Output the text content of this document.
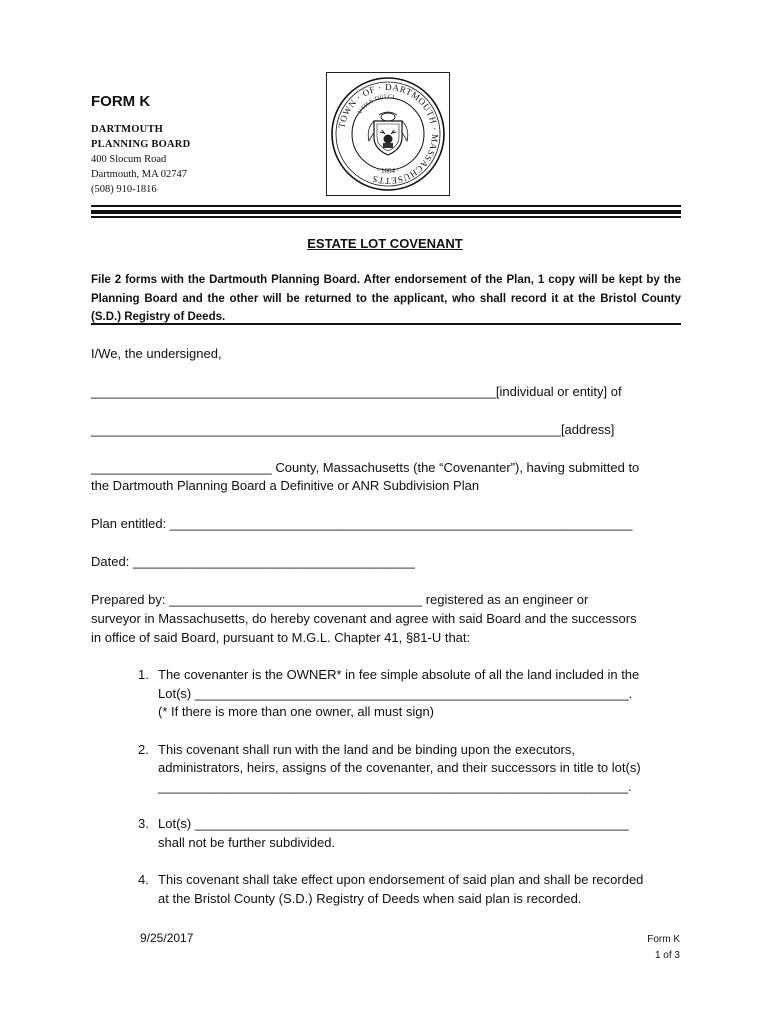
FORM K
DARTMOUTH
PLANNING BOARD
400 Slocum Road
Dartmouth, MA 02747
(508) 910-1816
TOWN · OF · DARTMOUTH · MASSACHUSETTS
UTILE DULCI
· 1664 ·
ESTATE LOT COVENANT
File 2 forms with the Dartmouth Planning Board. After endorsement of the Plan, 1 copy will be kept by the Planning Board and the other will be returned to the applicant, who shall record it at the Bristol County (S.D.) Registry of Deeds.
I/We, the undersigned,
________________________________________________________[individual or entity] of
_________________________________________________________________[address]
_________________________ County, Massachusetts (the “Covenanter”), having submitted to
the Dartmouth Planning Board a Definitive or ANR Subdivision Plan
Plan entitled: ________________________________________________________________
Dated: _______________________________________
Prepared by: ___________________________________ registered as an engineer or
surveyor in Massachusetts, do hereby covenant and agree with said Board and the successors
in office of said Board, pursuant to M.G.L. Chapter 41, §81-U that:
1. The covenanter is the OWNER* in fee simple absolute of all the land included in the
Lot(s) ____________________________________________________________.
(* If there is more than one owner, all must sign)
2. This covenant shall run with the land and be binding upon the executors,
administrators, heirs, assigns of the covenanter, and their successors in title to lot(s)
_________________________________________________________________.
3. Lot(s) ____________________________________________________________
shall not be further subdivided.
4. This covenant shall take effect upon endorsement of said plan and shall be recorded
at the Bristol County (S.D.) Registry of Deeds when said plan is recorded.
9/25/2017	Form K
1 of 3
